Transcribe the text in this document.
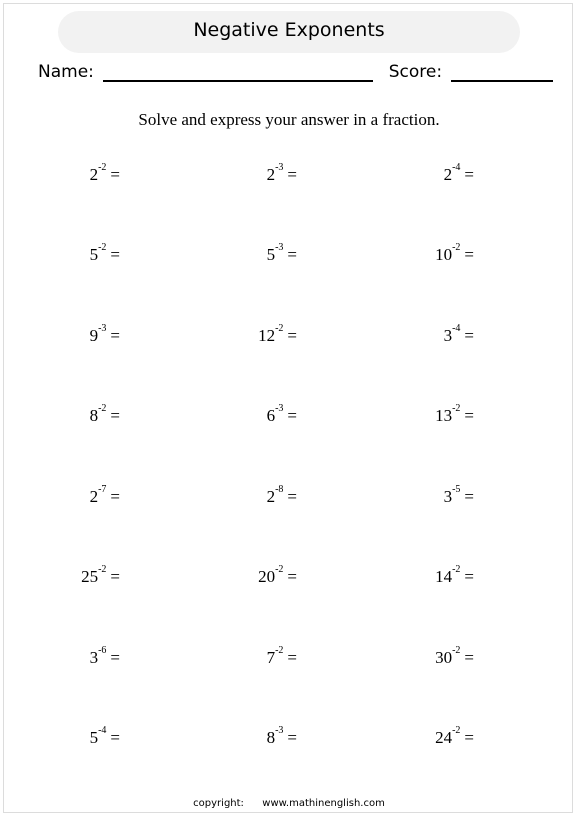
Negative Exponents
Name:	Score:
Solve and express your answer in a fraction.
2-2 =	2-3 =	2-4 =
5-2 =	5-3 =	10-2 =
9-3 =	12-2 =	3-4 =
8-2 =	6-3 =	13-2 =
2-7 =	2-8 =	3-5 =
25-2 =	20-2 =	14-2 =
3-6 =	7-2 =	30-2 =
5-4 =	8-3 =	24-2 =
copyright: www.mathinenglish.com
